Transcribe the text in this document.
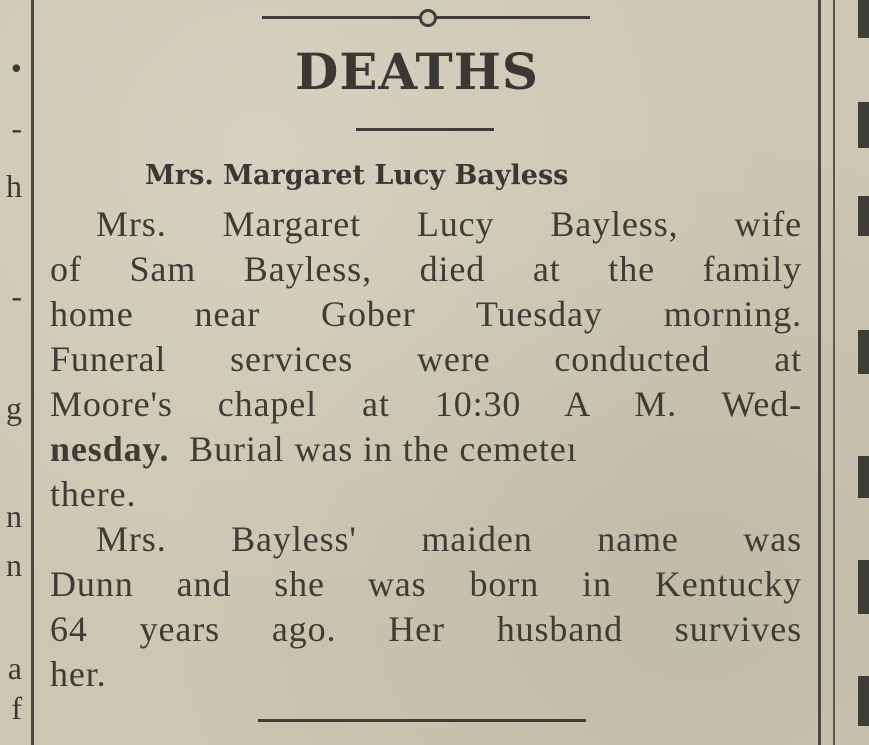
•
-
h
-
g
n
n
a
f
DEATHS
Mrs. Margaret Lucy Bayless
Mrs. Margaret Lucy Bayless, wife
of Sam Bayless, died at the family
home near Gober Tuesday morning.
Funeral services were conducted at
Moore's chapel at 10:30 A M. Wed-
nesday. Burial was in the cemeteı
there.
Mrs. Bayless' maiden name was
Dunn and she was born in Kentucky
64 years ago. Her husband survives
her.
